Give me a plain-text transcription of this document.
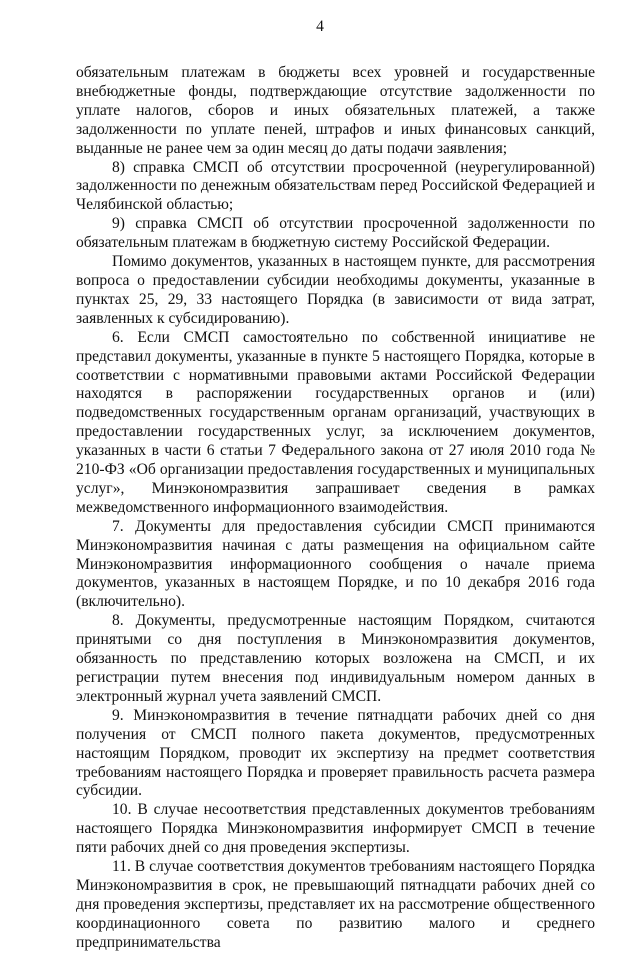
4

обязательным платежам в бюджеты всех уровней и государственные внебюджетные фонды, подтверждающие отсутствие задолженности по уплате налогов, сборов и иных обязательных платежей, а также задолженности по уплате пеней, штрафов и иных финансовых санкций, выданные не ранее чем за один месяц до даты подачи заявления;

8) справка СМСП об отсутствии просроченной (неурегулированной) задолженности по денежным обязательствам перед Российской Федерацией и Челябинской областью;

9) справка СМСП об отсутствии просроченной задолженности по обязательным платежам в бюджетную систему Российской Федерации.

Помимо документов, указанных в настоящем пункте, для рассмотрения вопроса о предоставлении субсидии необходимы документы, указанные в пунктах 25, 29, 33 настоящего Порядка (в зависимости от вида затрат, заявленных к субсидированию).

6. Если СМСП самостоятельно по собственной инициативе не представил документы, указанные в пункте 5 настоящего Порядка, которые в соответствии с нормативными правовыми актами Российской Федерации находятся в распоряжении государственных органов и (или) подведомственных государственным органам организаций, участвующих в предоставлении государственных услуг, за исключением документов, указанных в части 6 статьи 7 Федерального закона от 27 июля 2010 года № 210-ФЗ «Об организации предоставления государственных и муниципальных услуг», Минэкономразвития запрашивает сведения в рамках межведомственного информационного взаимодействия.

7. Документы для предоставления субсидии СМСП принимаются Минэкономразвития начиная с даты размещения на официальном сайте Минэкономразвития информационного сообщения о начале приема документов, указанных в настоящем Порядке, и по 10 декабря 2016 года (включительно).

8. Документы, предусмотренные настоящим Порядком, считаются принятыми со дня поступления в Минэкономразвития документов, обязанность по представлению которых возложена на СМСП, и их регистрации путем внесения под индивидуальным номером данных в электронный журнал учета заявлений СМСП.

9. Минэкономразвития в течение пятнадцати рабочих дней со дня получения от СМСП полного пакета документов, предусмотренных настоящим Порядком, проводит их экспертизу на предмет соответствия требованиям настоящего Порядка и проверяет правильность расчета размера субсидии.

10. В случае несоответствия представленных документов требованиям настоящего Порядка Минэкономразвития информирует СМСП в течение пяти рабочих дней со дня проведения экспертизы.

11. В случае соответствия документов требованиям настоящего Порядка Минэкономразвития в срок, не превышающий пятнадцати рабочих дней со дня проведения экспертизы, представляет их на рассмотрение общественного координационного совета по развитию малого и среднего предпринимательства
